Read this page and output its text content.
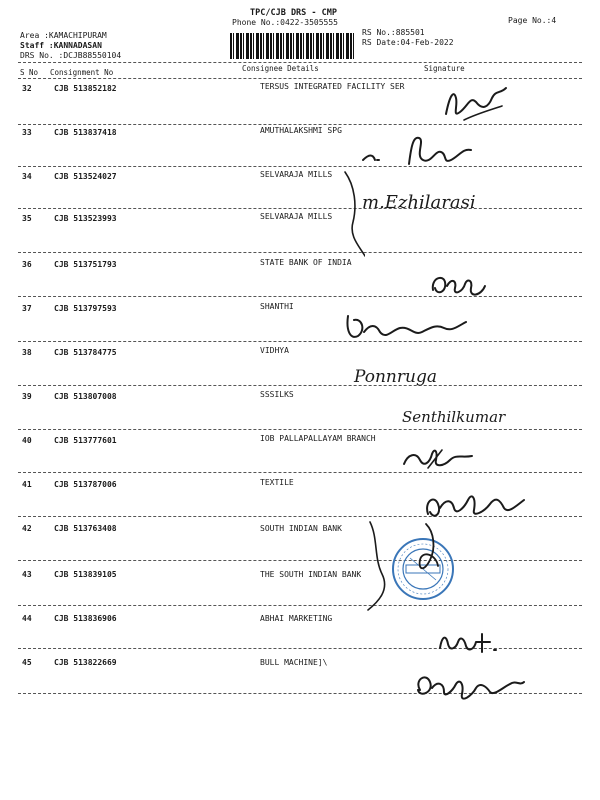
TPC/CJB DRS - CMP
Phone No.:0422-3505555	Page No.:4
Area :KAMACHIPURAM
Staff :KANNADASAN
DRS No. :DCJB88550104
RS No.:885501
RS Date:04-Feb-2022
S No Consignment No	Consignee Details	Signature
32	CJB 513852182	TERSUS INTEGRATED FACILITY SER
33	CJB 513837418	AMUTHALAKSHMI SPG
34	CJB 513524027	SELVARAJA MILLS
35	CJB 513523993	SELVARAJA MILLS
36	CJB 513751793	STATE BANK OF INDIA
37	CJB 513797593	SHANTHI
38	CJB 513784775	VIDHYA
39	CJB 513807008	SSSILKS
40	CJB 513777601	IOB PALLAPALLAYAM BRANCH
41	CJB 513787006	TEXTILE
42	CJB 513763408	SOUTH INDIAN BANK
43	CJB 513839105	THE SOUTH INDIAN BANK
44	CJB 513836906	ABHAI MARKETING
45	CJB 513822669	BULL MACHINE]\
m.Ezhilarasi
Ponnruga
Senthilkumar
